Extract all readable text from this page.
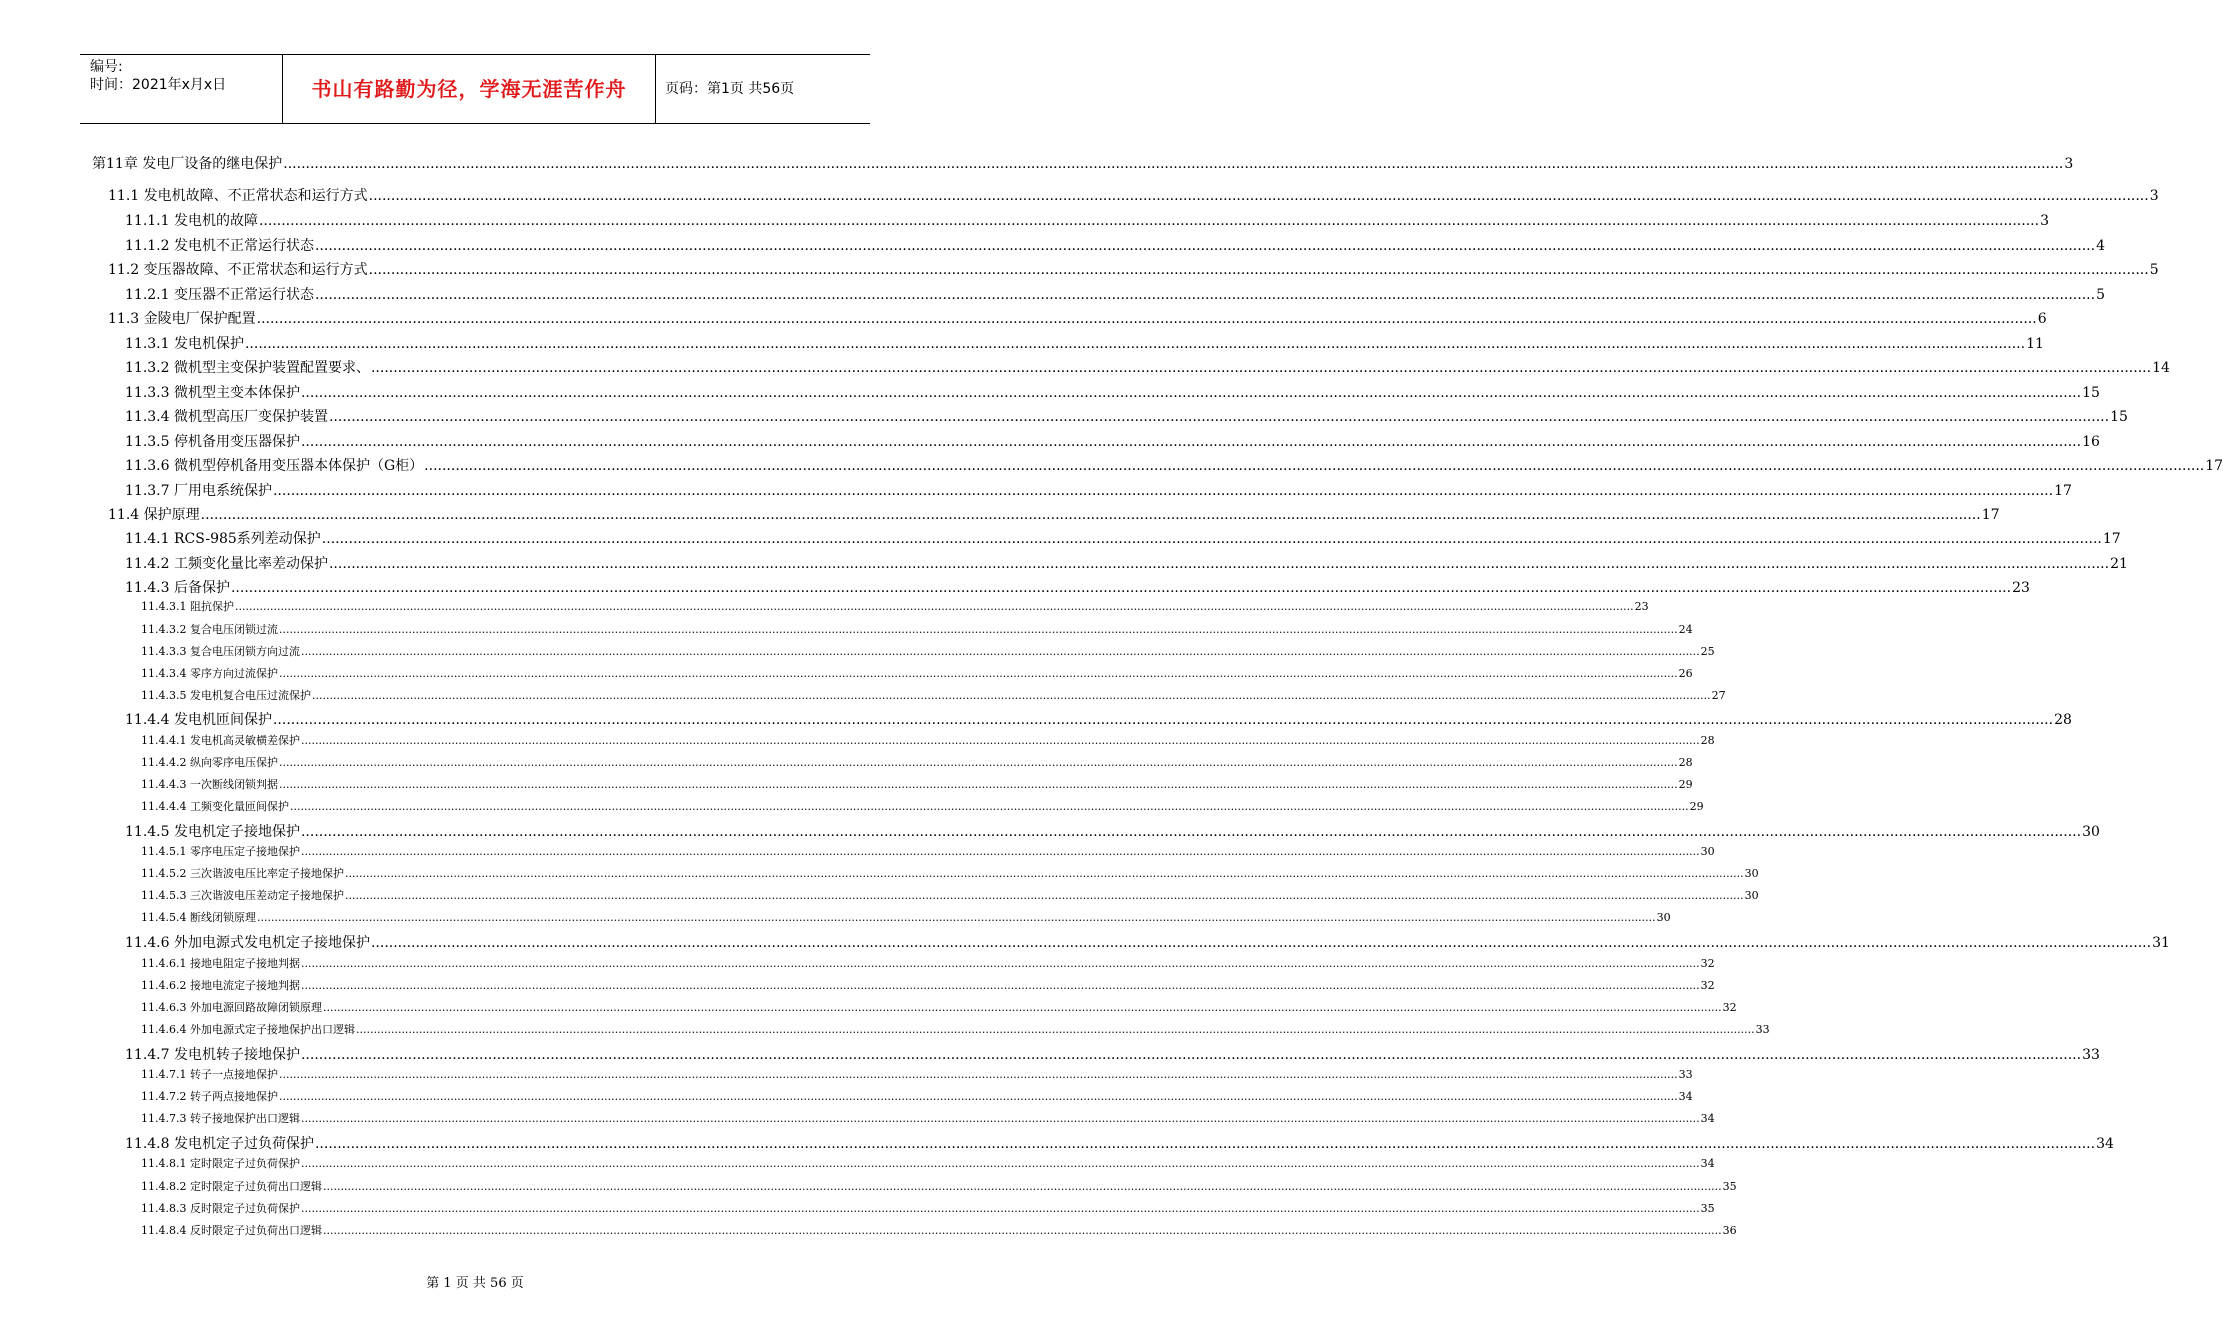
编号:
时间：2021年x月x日	书山有路勤为径，学海无涯苦作舟	页码：第1页 共56页
第11章 发电厂设备的继电保护 ................................................................................................................................................................................................................................................................................................................................................................................................................ 3
11.1 发电机故障、不正常状态和运行方式 ................................................................................................................................................................................................................................................................................................................................................................................................................ 3
11.1.1 发电机的故障 ................................................................................................................................................................................................................................................................................................................................................................................................................ 3
11.1.2 发电机不正常运行状态 ................................................................................................................................................................................................................................................................................................................................................................................................................ 4
11.2 变压器故障、不正常状态和运行方式 ................................................................................................................................................................................................................................................................................................................................................................................................................ 5
11.2.1 变压器不正常运行状态 ................................................................................................................................................................................................................................................................................................................................................................................................................ 5
11.3 金陵电厂保护配置 ................................................................................................................................................................................................................................................................................................................................................................................................................ 6
11.3.1 发电机保护 ................................................................................................................................................................................................................................................................................................................................................................................................................ 11
11.3.2 微机型主变保护装置配置要求、 ................................................................................................................................................................................................................................................................................................................................................................................................................ 14
11.3.3 微机型主变本体保护 ................................................................................................................................................................................................................................................................................................................................................................................................................ 15
11.3.4 微机型高压厂变保护装置 ................................................................................................................................................................................................................................................................................................................................................................................................................ 15
11.3.5 停机备用变压器保护 ................................................................................................................................................................................................................................................................................................................................................................................................................ 16
11.3.6 微机型停机备用变压器本体保护（G柜） ................................................................................................................................................................................................................................................................................................................................................................................................................ 17
11.3.7 厂用电系统保护 ................................................................................................................................................................................................................................................................................................................................................................................................................ 17
11.4 保护原理 ................................................................................................................................................................................................................................................................................................................................................................................................................ 17
11.4.1 RCS-985系列差动保护 ................................................................................................................................................................................................................................................................................................................................................................................................................ 17
11.4.2 工频变化量比率差动保护 ................................................................................................................................................................................................................................................................................................................................................................................................................ 21
11.4.3 后备保护 ................................................................................................................................................................................................................................................................................................................................................................................................................ 23
11.4.3.1 阻抗保护 ................................................................................................................................................................................................................................................................................................................................................................................................................ 23
11.4.3.2 复合电压闭锁过流 ................................................................................................................................................................................................................................................................................................................................................................................................................ 24
11.4.3.3 复合电压闭锁方向过流 ................................................................................................................................................................................................................................................................................................................................................................................................................ 25
11.4.3.4 零序方向过流保护 ................................................................................................................................................................................................................................................................................................................................................................................................................ 26
11.4.3.5 发电机复合电压过流保护 ................................................................................................................................................................................................................................................................................................................................................................................................................ 27
11.4.4 发电机匝间保护 ................................................................................................................................................................................................................................................................................................................................................................................................................ 28
11.4.4.1 发电机高灵敏横差保护 ................................................................................................................................................................................................................................................................................................................................................................................................................ 28
11.4.4.2 纵向零序电压保护 ................................................................................................................................................................................................................................................................................................................................................................................................................ 28
11.4.4.3 一次断线闭锁判据 ................................................................................................................................................................................................................................................................................................................................................................................................................ 29
11.4.4.4 工频变化量匝间保护 ................................................................................................................................................................................................................................................................................................................................................................................................................ 29
11.4.5 发电机定子接地保护 ................................................................................................................................................................................................................................................................................................................................................................................................................ 30
11.4.5.1 零序电压定子接地保护 ................................................................................................................................................................................................................................................................................................................................................................................................................ 30
11.4.5.2 三次谐波电压比率定子接地保护 ................................................................................................................................................................................................................................................................................................................................................................................................................ 30
11.4.5.3 三次谐波电压差动定子接地保护 ................................................................................................................................................................................................................................................................................................................................................................................................................ 30
11.4.5.4 断线闭锁原理 ................................................................................................................................................................................................................................................................................................................................................................................................................ 30
11.4.6 外加电源式发电机定子接地保护 ................................................................................................................................................................................................................................................................................................................................................................................................................ 31
11.4.6.1 接地电阻定子接地判据 ................................................................................................................................................................................................................................................................................................................................................................................................................ 32
11.4.6.2 接地电流定子接地判据 ................................................................................................................................................................................................................................................................................................................................................................................................................ 32
11.4.6.3 外加电源回路故障闭锁原理 ................................................................................................................................................................................................................................................................................................................................................................................................................ 32
11.4.6.4 外加电源式定子接地保护出口逻辑 ................................................................................................................................................................................................................................................................................................................................................................................................................ 33
11.4.7 发电机转子接地保护 ................................................................................................................................................................................................................................................................................................................................................................................................................ 33
11.4.7.1 转子一点接地保护 ................................................................................................................................................................................................................................................................................................................................................................................................................ 33
11.4.7.2 转子两点接地保护 ................................................................................................................................................................................................................................................................................................................................................................................................................ 34
11.4.7.3 转子接地保护出口逻辑 ................................................................................................................................................................................................................................................................................................................................................................................................................ 34
11.4.8 发电机定子过负荷保护 ................................................................................................................................................................................................................................................................................................................................................................................................................ 34
11.4.8.1 定时限定子过负荷保护 ................................................................................................................................................................................................................................................................................................................................................................................................................ 34
11.4.8.2 定时限定子过负荷出口逻辑 ................................................................................................................................................................................................................................................................................................................................................................................................................ 35
11.4.8.3 反时限定子过负荷保护 ................................................................................................................................................................................................................................................................................................................................................................................................................ 35
11.4.8.4 反时限定子过负荷出口逻辑 ................................................................................................................................................................................................................................................................................................................................................................................................................ 36
第 1 页 共 56 页
